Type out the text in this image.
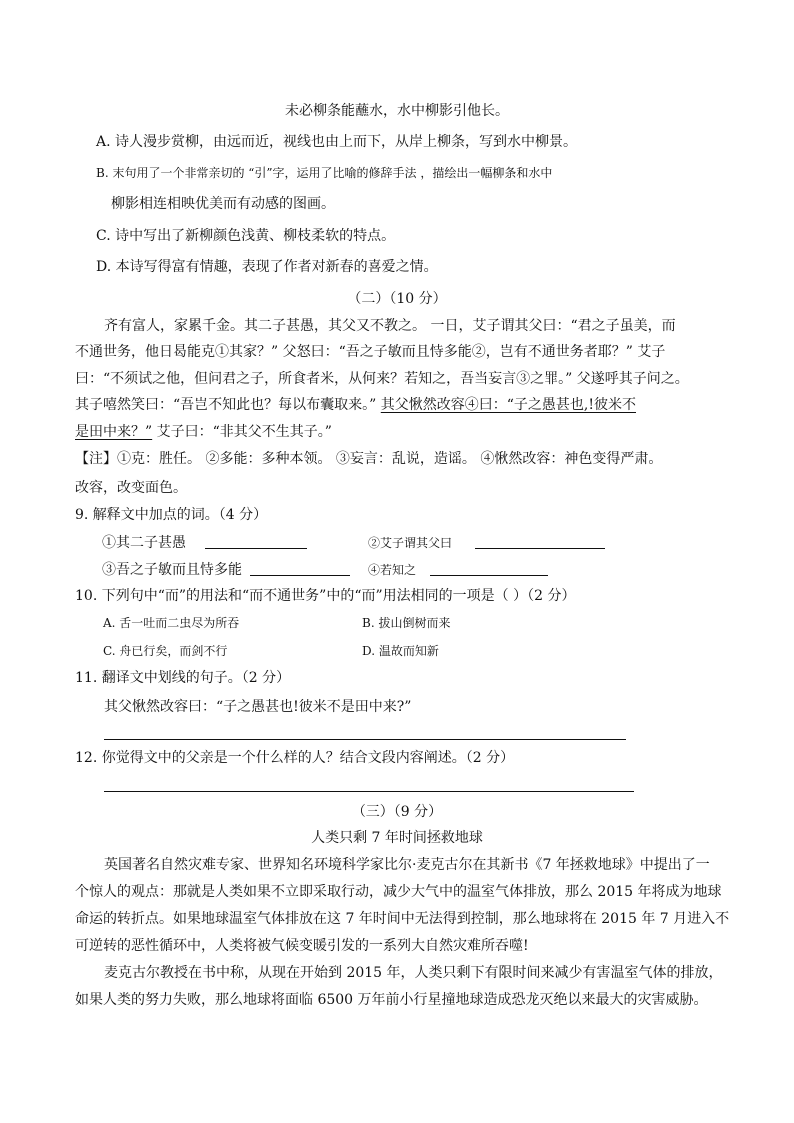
未必柳条能蘸水，水中柳影引他长。
A. 诗人漫步赏柳，由远而近，视线也由上而下，从岸上柳条，写到水中柳景。
B. 末句用了一个非常亲切的 “引”字，运用了比喻的修辞手法 ，描绘出一幅柳条和水中
柳影相连相映优美而有动感的图画。
C. 诗中写出了新柳颜色浅黄、柳枝柔软的特点。
D. 本诗写得富有情趣，表现了作者对新春的喜爱之情。
（二）（10 分）
齐有富人，家累千金。其二子甚愚，其父又不教之。 一日，艾子谓其父曰：“君之子虽美，而
不通世务，他日曷能克①其家？” 父怒曰：“吾之子敏而且恃多能②，岂有不通世务者耶？” 艾子
曰：“不须试之他，但问君之子，所食者米，从何来？若知之，吾当妄言③之罪。” 父遂呼其子问之。
其子嘻然笑曰：“吾岂不知此也？每以布囊取来。” 其父愀然改容④曰：“子之愚甚也,!彼米不
是田中来？” 艾子曰：“非其父不生其子。”
【注】①克：胜任。 ②多能：多种本领。 ③妄言：乱说，造谣。 ④愀然改容：神色变得严肃。
改容，改变面色。
9. 解释文中加点的词。（4 分）
①其二子甚愚	②艾子谓其父曰
③吾之子敏而且恃多能	④若知之
10. 下列句中“而”的用法和“而不通世务”中的“而”用法相同的一项是（ ）（2 分）
A. 舌一吐而二虫尽为所吞	B. 拔山倒树而来
C. 舟已行矣，而剑不行	D. 温故而知新
11. 翻译文中划线的句子。（2 分）
其父愀然改容曰：“子之愚甚也!彼米不是田中来?”
12. 你觉得文中的父亲是一个什么样的人？结合文段内容阐述。（2 分）
（三）（9 分）
人类只剩 7 年时间拯救地球
英国著名自然灾难专家、世界知名环境科学家比尔·麦克古尔在其新书《7 年拯救地球》中提出了一
个惊人的观点：那就是人类如果不立即采取行动，减少大气中的温室气体排放，那么 2015 年将成为地球
命运的转折点。如果地球温室气体排放在这 7 年时间中无法得到控制，那么地球将在 2015 年 7 月进入不
可逆转的恶性循环中，人类将被气候变暖引发的一系列大自然灾难所吞噬!
麦克古尔教授在书中称，从现在开始到 2015 年，人类只剩下有限时间来减少有害温室气体的排放，
如果人类的努力失败，那么地球将面临 6500 万年前小行星撞地球造成恐龙灭绝以来最大的灾害威胁。
